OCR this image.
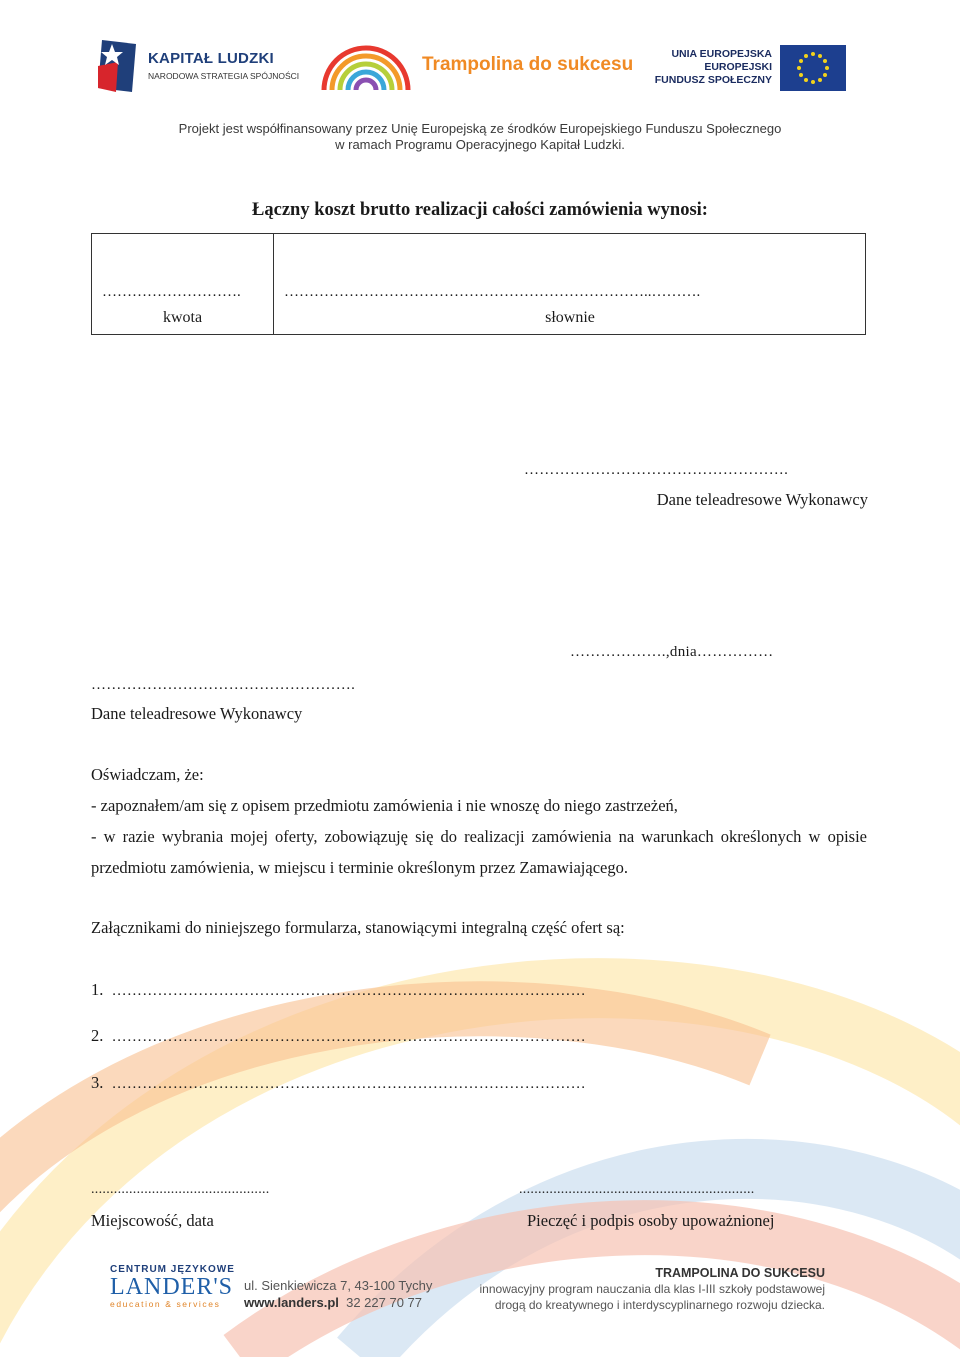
KAPITAŁ LUDZKI
NARODOWA STRATEGIA SPÓJNOŚCI
Trampolina do sukcesu	UNIA EUROPEJSKA
EUROPEJSKI
FUNDUSZ SPOŁECZNY
Projekt jest współfinansowany przez Unię Europejską ze środków Europejskiego Funduszu Społecznego
w ramach Programu Operacyjnego Kapitał Ludzki.
Łączny koszt brutto realizacji całości zamówienia wynosi:
……………………….
kwota
………………………………………………………………..……….
słownie
…………………………………………….
Dane teleadresowe Wykonawcy
……………….,dnia……………
…………………………………………….
Dane teleadresowe Wykonawcy
Oświadczam, że:
- zapoznałem/am się z opisem przedmiotu zamówienia i nie wnoszę do niego zastrzeżeń,
- w razie wybrania mojej oferty, zobowiązuję się do realizacji zamówienia na warunkach określonych w opisie przedmiotu zamówienia, w miejscu i terminie określonym przez Zamawiającego.
Załącznikami do niniejszego formularza, stanowiącymi integralną część ofert są:
1. …………………………………………………………………………………
2. …………………………………………………………………………………
3. …………………………………………………………………………………
...............................................
Miejscowość, data
..............................................................
Pieczęć i podpis osoby upoważnionej
CENTRUM JĘZYKOWE
LANDER'S
education & services
ul. Sienkiewicza 7, 43-100 Tychy
www.landers.pl 32 227 70 77
TRAMPOLINA DO SUKCESU
innowacyjny program nauczania dla klas I-III szkoły podstawowej
drogą do kreatywnego i interdyscyplinarnego rozwoju dziecka.
